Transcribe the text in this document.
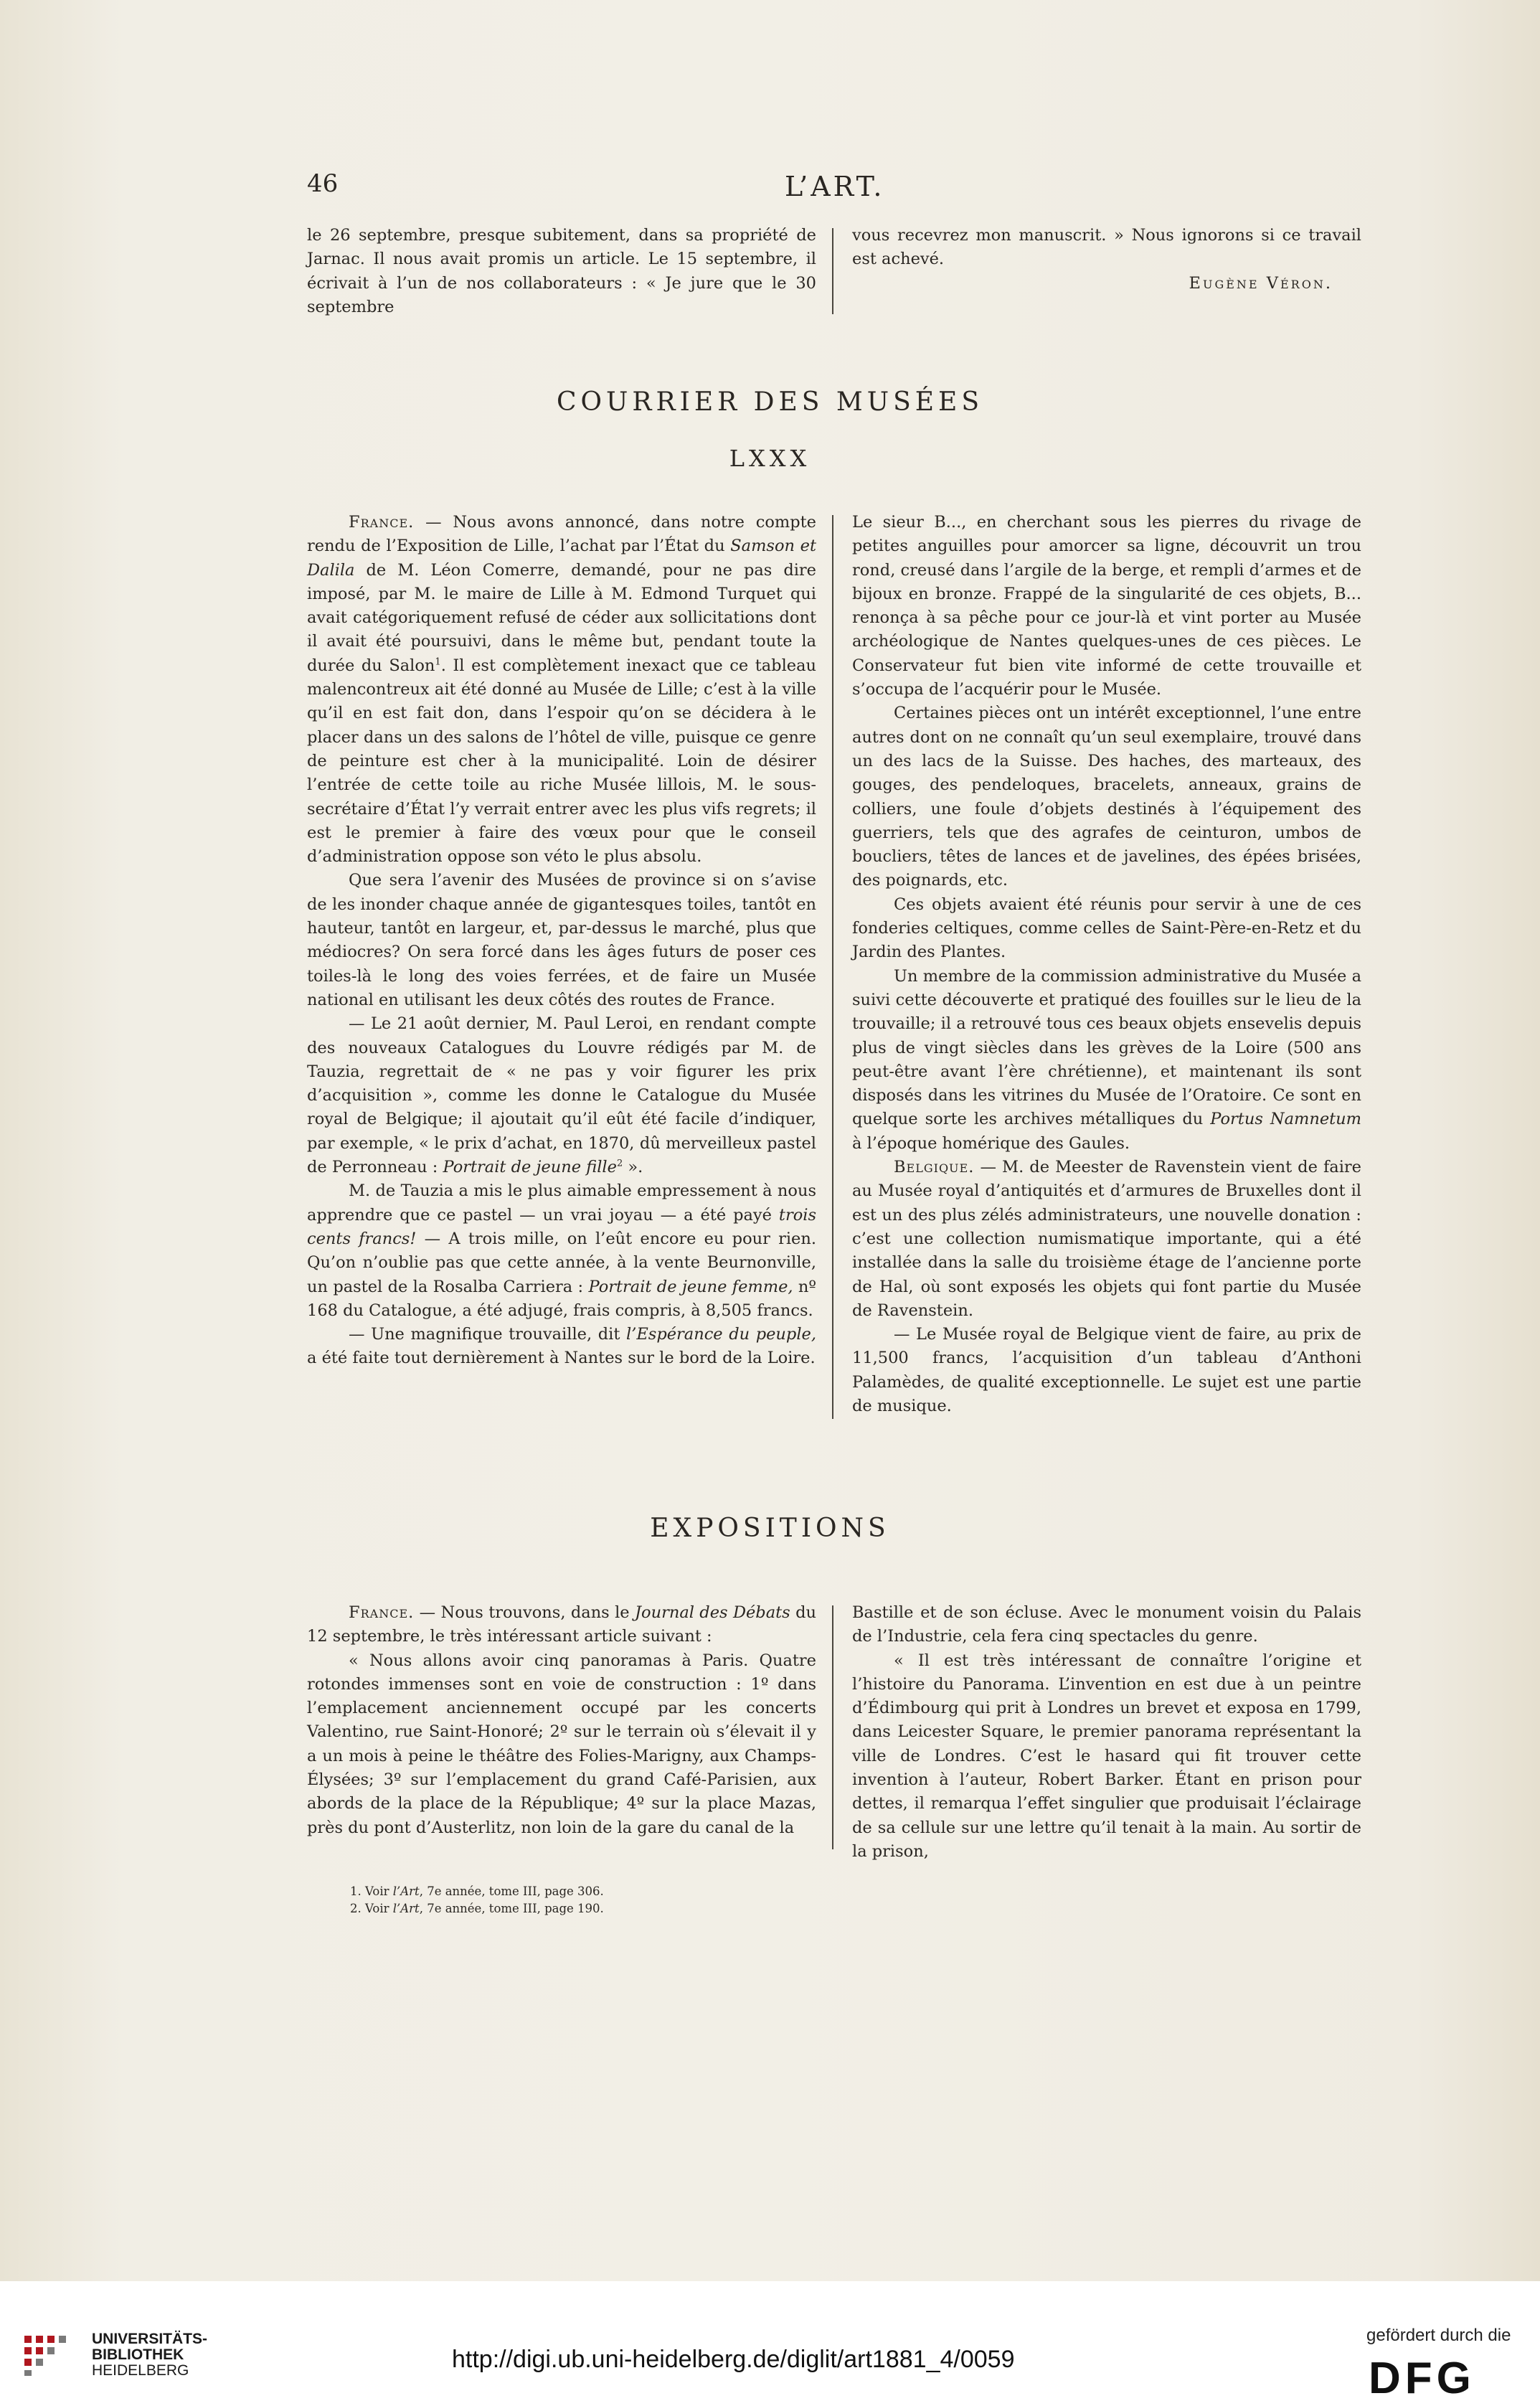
46	L’ART.

le 26 septembre, presque subitement, dans sa propriété de Jarnac. Il nous avait promis un article. Le 15 septembre, il écrivait à l’un de nos collaborateurs : « Je jure que le 30 septembre

vous recevrez mon manuscrit. » Nous ignorons si ce travail est achevé.

Eugène Véron.
COURRIER DES MUSÉES
LXXX

France. — Nous avons annoncé, dans notre compte rendu de l’Exposition de Lille, l’achat par l’État du Samson et Dalila de M. Léon Comerre, demandé, pour ne pas dire imposé, par M. le maire de Lille à M. Edmond Turquet qui avait catégoriquement refusé de céder aux sollicitations dont il avait été poursuivi, dans le même but, pendant toute la durée du Salon$^1$. Il est complètement inexact que ce tableau malencontreux ait été donné au Musée de Lille; c’est à la ville qu’il en est fait don, dans l’espoir qu’on se décidera à le placer dans un des salons de l’hôtel de ville, puisque ce genre de peinture est cher à la municipalité. Loin de désirer l’entrée de cette toile au riche Musée lillois, M. le sous-secrétaire d’État l’y verrait entrer avec les plus vifs regrets; il est le premier à faire des vœux pour que le conseil d’administration oppose son véto le plus absolu.

Que sera l’avenir des Musées de province si on s’avise de les inonder chaque année de gigantesques toiles, tantôt en hauteur, tantôt en largeur, et, par-dessus le marché, plus que médiocres? On sera forcé dans les âges futurs de poser ces toiles-là le long des voies ferrées, et de faire un Musée national en utilisant les deux côtés des routes de France.

— Le 21 août dernier, M. Paul Leroi, en rendant compte des nouveaux Catalogues du Louvre rédigés par M. de Tauzia, regrettait de « ne pas y voir figurer les prix d’acquisition », comme les donne le Catalogue du Musée royal de Belgique; il ajoutait qu’il eût été facile d’indiquer, par exemple, « le prix d’achat, en 1870, dû merveilleux pastel de Perronneau : Portrait de jeune fille$^2$ ».

M. de Tauzia a mis le plus aimable empressement à nous apprendre que ce pastel — un vrai joyau — a été payé trois cents francs! — A trois mille, on l’eût encore eu pour rien. Qu’on n’oublie pas que cette année, à la vente Beurnonville, un pastel de la Rosalba Carriera : Portrait de jeune femme, nº 168 du Catalogue, a été adjugé, frais compris, à 8,505 francs.

— Une magnifique trouvaille, dit l’Espérance du peuple, a été faite tout dernièrement à Nantes sur le bord de la Loire.

Le sieur B..., en cherchant sous les pierres du rivage de petites anguilles pour amorcer sa ligne, découvrit un trou rond, creusé dans l’argile de la berge, et rempli d’armes et de bijoux en bronze. Frappé de la singularité de ces objets, B... renonça à sa pêche pour ce jour-là et vint porter au Musée archéologique de Nantes quelques-unes de ces pièces. Le Conservateur fut bien vite informé de cette trouvaille et s’occupa de l’acquérir pour le Musée.

Certaines pièces ont un intérêt exceptionnel, l’une entre autres dont on ne connaît qu’un seul exemplaire, trouvé dans un des lacs de la Suisse. Des haches, des marteaux, des gouges, des pendeloques, bracelets, anneaux, grains de colliers, une foule d’objets destinés à l’équipement des guerriers, tels que des agrafes de ceinturon, umbos de boucliers, têtes de lances et de javelines, des épées brisées, des poignards, etc.

Ces objets avaient été réunis pour servir à une de ces fonderies celtiques, comme celles de Saint-Père-en-Retz et du Jardin des Plantes.

Un membre de la commission administrative du Musée a suivi cette découverte et pratiqué des fouilles sur le lieu de la trouvaille; il a retrouvé tous ces beaux objets ensevelis depuis plus de vingt siècles dans les grèves de la Loire (500 ans peut-être avant l’ère chrétienne), et maintenant ils sont disposés dans les vitrines du Musée de l’Oratoire. Ce sont en quelque sorte les archives métalliques du Portus Namnetum à l’époque homérique des Gaules.

Belgique. — M. de Meester de Ravenstein vient de faire au Musée royal d’antiquités et d’armures de Bruxelles dont il est un des plus zélés administrateurs, une nouvelle donation : c’est une collection numismatique importante, qui a été installée dans la salle du troisième étage de l’ancienne porte de Hal, où sont exposés les objets qui font partie du Musée de Ravenstein.

— Le Musée royal de Belgique vient de faire, au prix de 11,500 francs, l’acquisition d’un tableau d’Anthoni Palamèdes, de qualité exceptionnelle. Le sujet est une partie de musique.

EXPOSITIONS

France. — Nous trouvons, dans le Journal des Débats du 12 septembre, le très intéressant article suivant :

« Nous allons avoir cinq panoramas à Paris. Quatre rotondes immenses sont en voie de construction : 1º dans l’emplacement anciennement occupé par les concerts Valentino, rue Saint-Honoré; 2º sur le terrain où s’élevait il y a un mois à peine le théâtre des Folies-Marigny, aux Champs-Élysées; 3º sur l’emplacement du grand Café-Parisien, aux abords de la place de la République; 4º sur la place Mazas, près du pont d’Austerlitz, non loin de la gare du canal de la

Bastille et de son écluse. Avec le monument voisin du Palais de l’Industrie, cela fera cinq spectacles du genre.

« Il est très intéressant de connaître l’origine et l’histoire du Panorama. L’invention en est due à un peintre d’Édimbourg qui prit à Londres un brevet et exposa en 1799, dans Leicester Square, le premier panorama représentant la ville de Londres. C’est le hasard qui fit trouver cette invention à l’auteur, Robert Barker. Étant en prison pour dettes, il remarqua l’effet singulier que produisait l’éclairage de sa cellule sur une lettre qu’il tenait à la main. Au sortir de la prison,

1. Voir l’Art, 7e année, tome III, page 306.
2. Voir l’Art, 7e année, tome III, page 190.
UNIVERSITÄTS-
BIBLIOTHEK
HEIDELBERG	http://digi.ub.uni-heidelberg.de/diglit/art1881_4/0059
gefördert durch die
DFG
